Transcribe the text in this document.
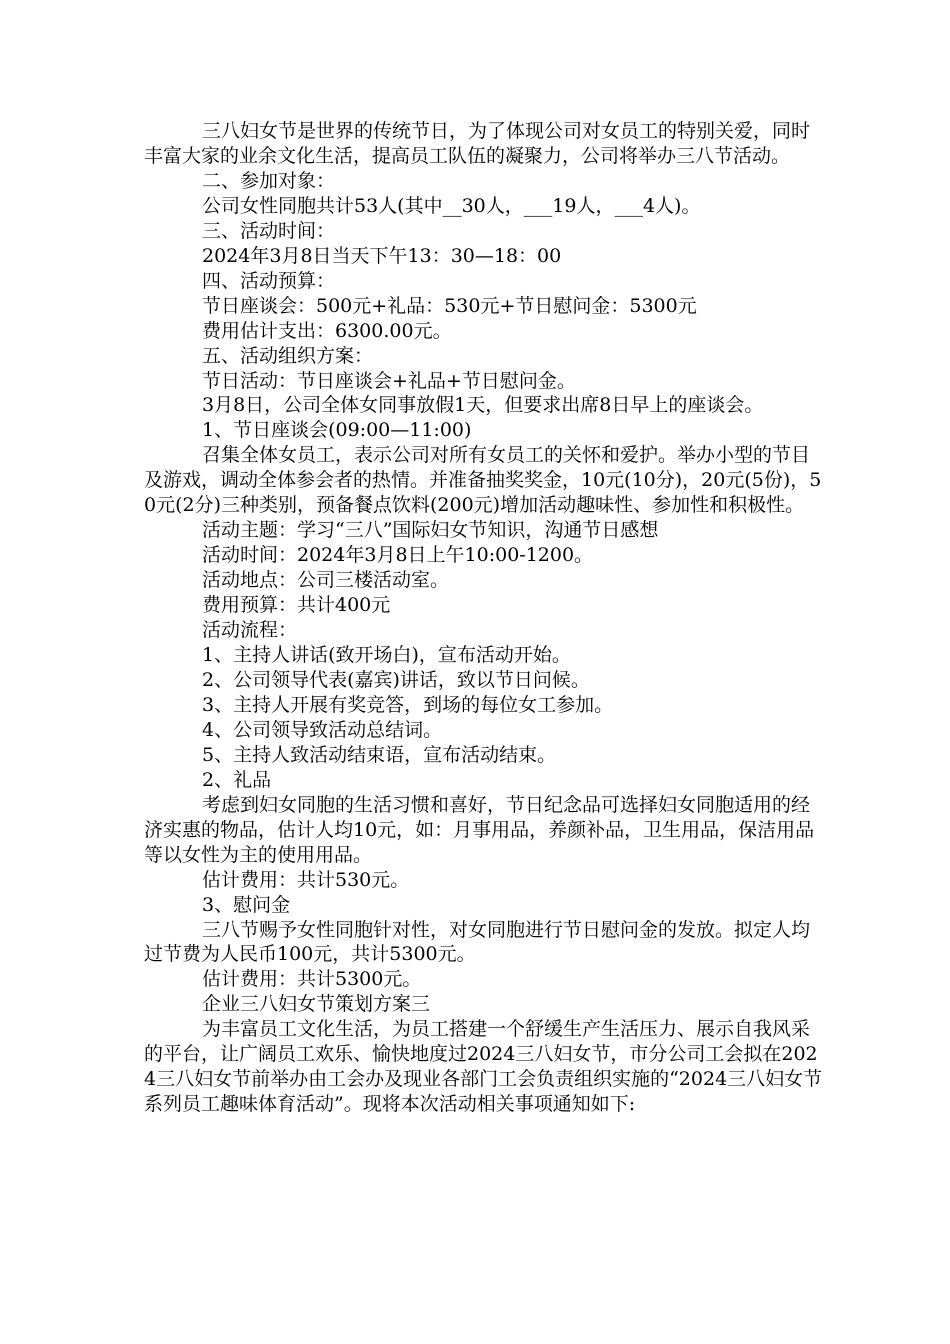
三八妇女节是世界的传统节日，为了体现公司对女员工的特别关爱，同时丰富大家的业余文化生活，提高员工队伍的凝聚力，公司将举办三八节活动。

二、参加对象：

公司女性同胞共计53人(其中__30人，___19人，___4人)。

三、活动时间：

2024年3月8日当天下午13：30—18：00

四、活动预算：

节日座谈会：500元+礼品：530元+节日慰问金：5300元

费用估计支出：6300.00元。

五、活动组织方案：

节日活动：节日座谈会+礼品+节日慰问金。

3月8日，公司全体女同事放假1天，但要求出席8日早上的座谈会。

1、节日座谈会(09:00—11:00)

召集全体女员工，表示公司对所有女员工的关怀和爱护。举办小型的节目及游戏，调动全体参会者的热情。并准备抽奖奖金，10元(10分)，20元(5份)，50元(2分)三种类别，预备餐点饮料(200元)增加活动趣味性、参加性和积极性。

活动主题：学习“三八”国际妇女节知识，沟通节日感想

活动时间：2024年3月8日上午10:00-1200。

活动地点：公司三楼活动室。

费用预算：共计400元

活动流程：

1、主持人讲话(致开场白)，宣布活动开始。

2、公司领导代表(嘉宾)讲话，致以节日问候。

3、主持人开展有奖竞答，到场的每位女工参加。

4、公司领导致活动总结词。

5、主持人致活动结束语，宣布活动结束。

2、礼品

考虑到妇女同胞的生活习惯和喜好，节日纪念品可选择妇女同胞适用的经济实惠的物品，估计人均10元，如：月事用品，养颜补品，卫生用品，保洁用品等以女性为主的使用用品。

估计费用：共计530元。

3、慰问金

三八节赐予女性同胞针对性，对女同胞进行节日慰问金的发放。拟定人均过节费为人民币100元，共计5300元。

估计费用：共计5300元。

企业三八妇女节策划方案三

为丰富员工文化生活，为员工搭建一个舒缓生产生活压力、展示自我风采的平台，让广阔员工欢乐、愉快地度过2024三八妇女节，市分公司工会拟在2024三八妇女节前举办由工会办及现业各部门工会负责组织实施的“2024三八妇女节系列员工趣味体育活动”。现将本次活动相关事项通知如下:
